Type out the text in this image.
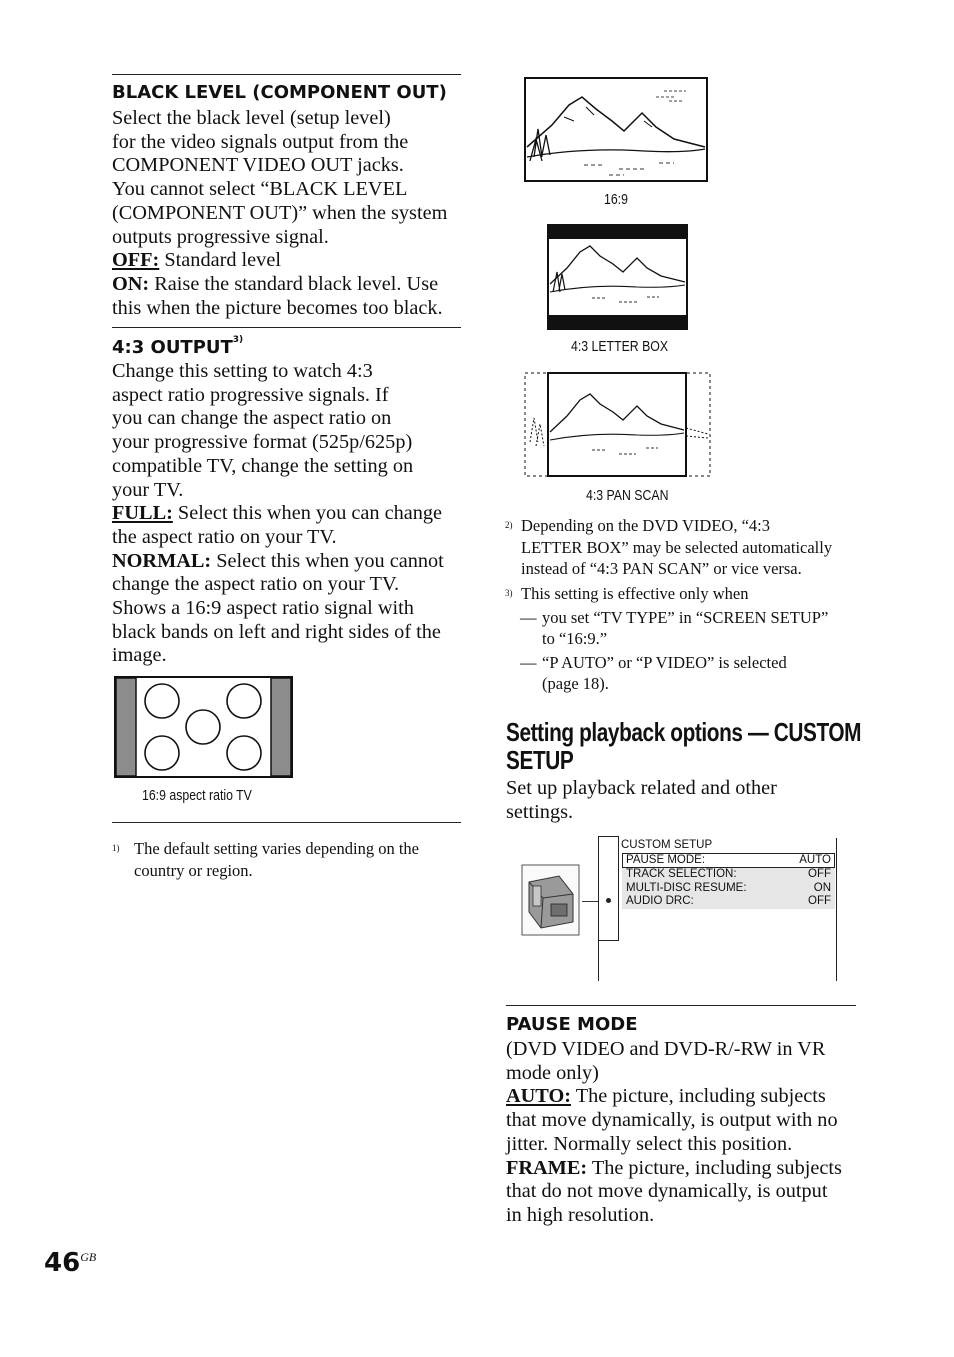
BLACK LEVEL (COMPONENT OUT)

Select the black level (setup level)

for the video signals output from the

COMPONENT VIDEO OUT jacks.

You cannot select “BLACK LEVEL

(COMPONENT OUT)” when the system

outputs progressive signal.

OFF: Standard level

ON: Raise the standard black level. Use

this when the picture becomes too black.

4:3 OUTPUT$^{3)}$

Change this setting to watch 4:3

aspect ratio progressive signals. If

you can change the aspect ratio on

your progressive format (525p/625p)

compatible TV, change the setting on

your TV.

FULL: Select this when you can change

the aspect ratio on your TV.

NORMAL: Select this when you cannot

change the aspect ratio on your TV.

Shows a 16:9 aspect ratio signal with

black bands on left and right sides of the

image.

16:9 aspect ratio TV
1) The default setting varies depending on the
country or region.
$46^{GB}$
16:9
4:3 LETTER BOX
4:3 PAN SCAN
2) Depending on the DVD VIDEO, “4:3
LETTER BOX” may be selected automatically
instead of “4:3 PAN SCAN” or vice versa.
3) This setting is effective only when
— you set “TV TYPE” in “SCREEN SETUP”
to “16:9.”
— “P AUTO” or “P VIDEO” is selected
(page 18).
Setting playback options — CUSTOM
SETUP

Set up playback related and other

settings.

CUSTOM SETUP
PAUSE MODE:	AUTO
TRACK SELECTION:	OFF
MULTI-DISC RESUME:	ON
AUDIO DRC:	OFF
PAUSE MODE

(DVD VIDEO and DVD-R/-RW in VR

mode only)

AUTO: The picture, including subjects

that move dynamically, is output with no

jitter. Normally select this position.

FRAME: The picture, including subjects

that do not move dynamically, is output

in high resolution.
